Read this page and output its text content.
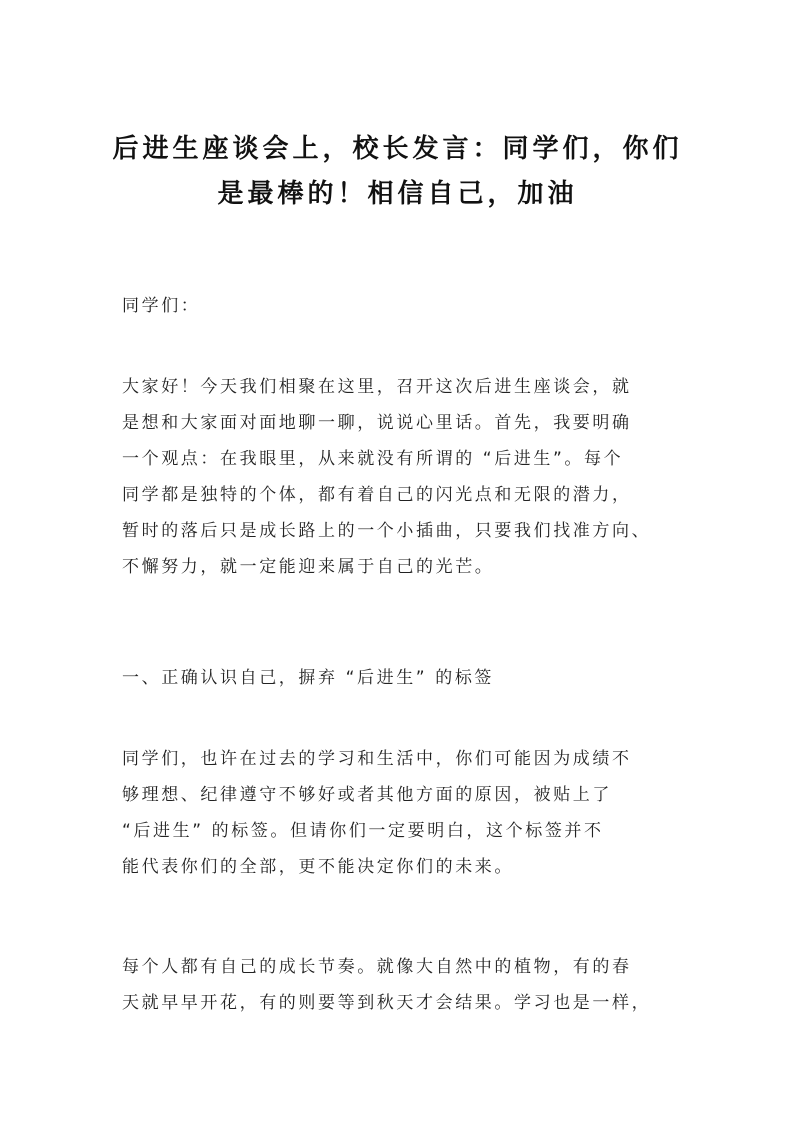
后进生座谈会上，校长发言：同学们，你们
是最棒的！相信自己，加油

同学们：

大家好！今天我们相聚在这里，召开这次后进生座谈会，就
是想和大家面对面地聊一聊，说说心里话。首先，我要明确
一个观点：在我眼里，从来就没有所谓的 “后进生”。每个
同学都是独特的个体，都有着自己的闪光点和无限的潜力，
暂时的落后只是成长路上的一个小插曲，只要我们找准方向、
不懈努力，就一定能迎来属于自己的光芒。

一、正确认识自己，摒弃 “后进生” 的标签

同学们，也许在过去的学习和生活中，你们可能因为成绩不
够理想、纪律遵守不够好或者其他方面的原因，被贴上了
“后进生” 的标签。但请你们一定要明白，这个标签并不
能代表你们的全部，更不能决定你们的未来。

每个人都有自己的成长节奏。就像大自然中的植物，有的春
天就早早开花，有的则要等到秋天才会结果。学习也是一样，
